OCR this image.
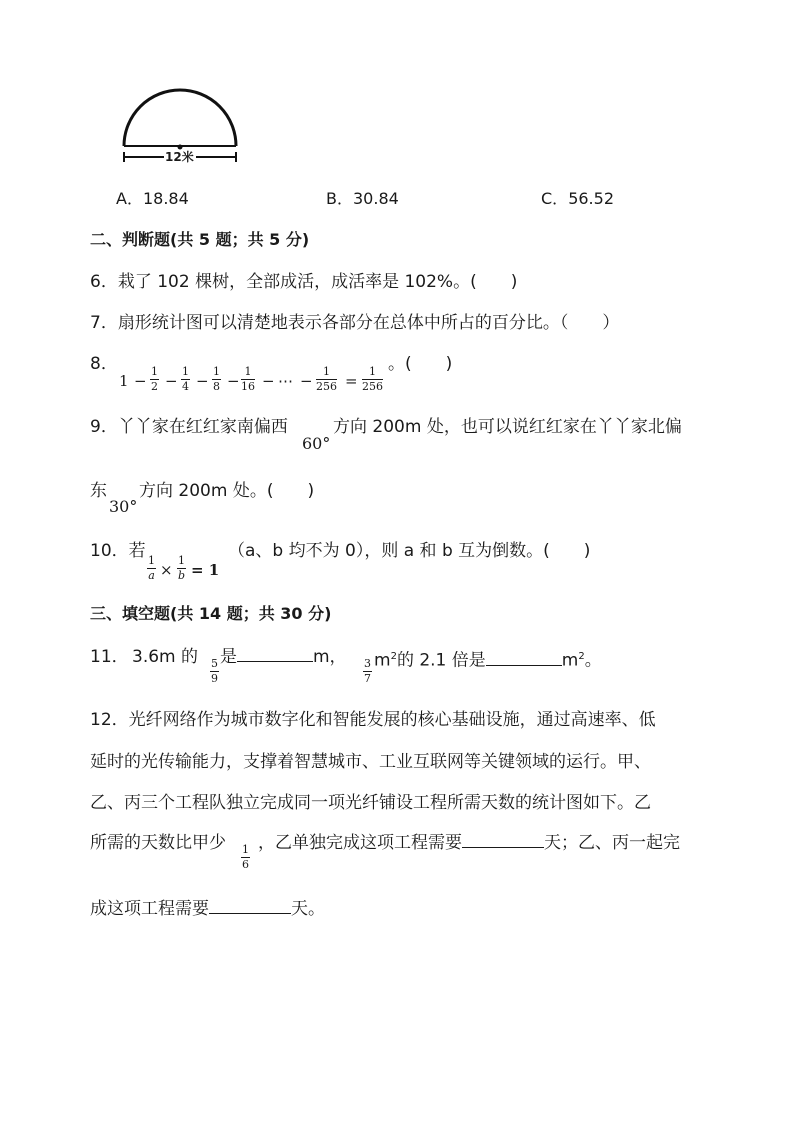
12米
A．18.84	B．30.84	C．56.52
二、判断题(共 5 题；共 5 分)
6．栽了 102 棵树，全部成活，成活率是 102%。(　　)
7．扇形统计图可以清楚地表示各部分在总体中所占的百分比。（　　）
8．
1 −
1
2 −
1
4 −
1
8 −
1
16 − ⋯ −
1
256 =
1
256
。(　　)
9．丫丫家在红红家南偏西
60°
方向 200m 处，也可以说红红家在丫丫家北偏
东
30°
方向 200m 处。(　　)
10．若 1
a ×
1
b = 1
（a、b 均不为 0），则 a 和 b 互为倒数。(　　)
三、填空题(共 14 题；共 30 分)
11． 3.6m 的 5
9
是	m， 3
7
$m^2$的 2.1 倍是	$m^2$。
12．光纤网络作为城市数字化和智能发展的核心基础设施，通过高速率、低
延时的光传输能力，支撑着智慧城市、工业互联网等关键领域的运行。甲、
乙、丙三个工程队独立完成同一项光纤铺设工程所需天数的统计图如下。乙
所需的天数比甲少 1
6
，乙单独完成这项工程需要	天；乙、丙一起完
成这项工程需要	天。
